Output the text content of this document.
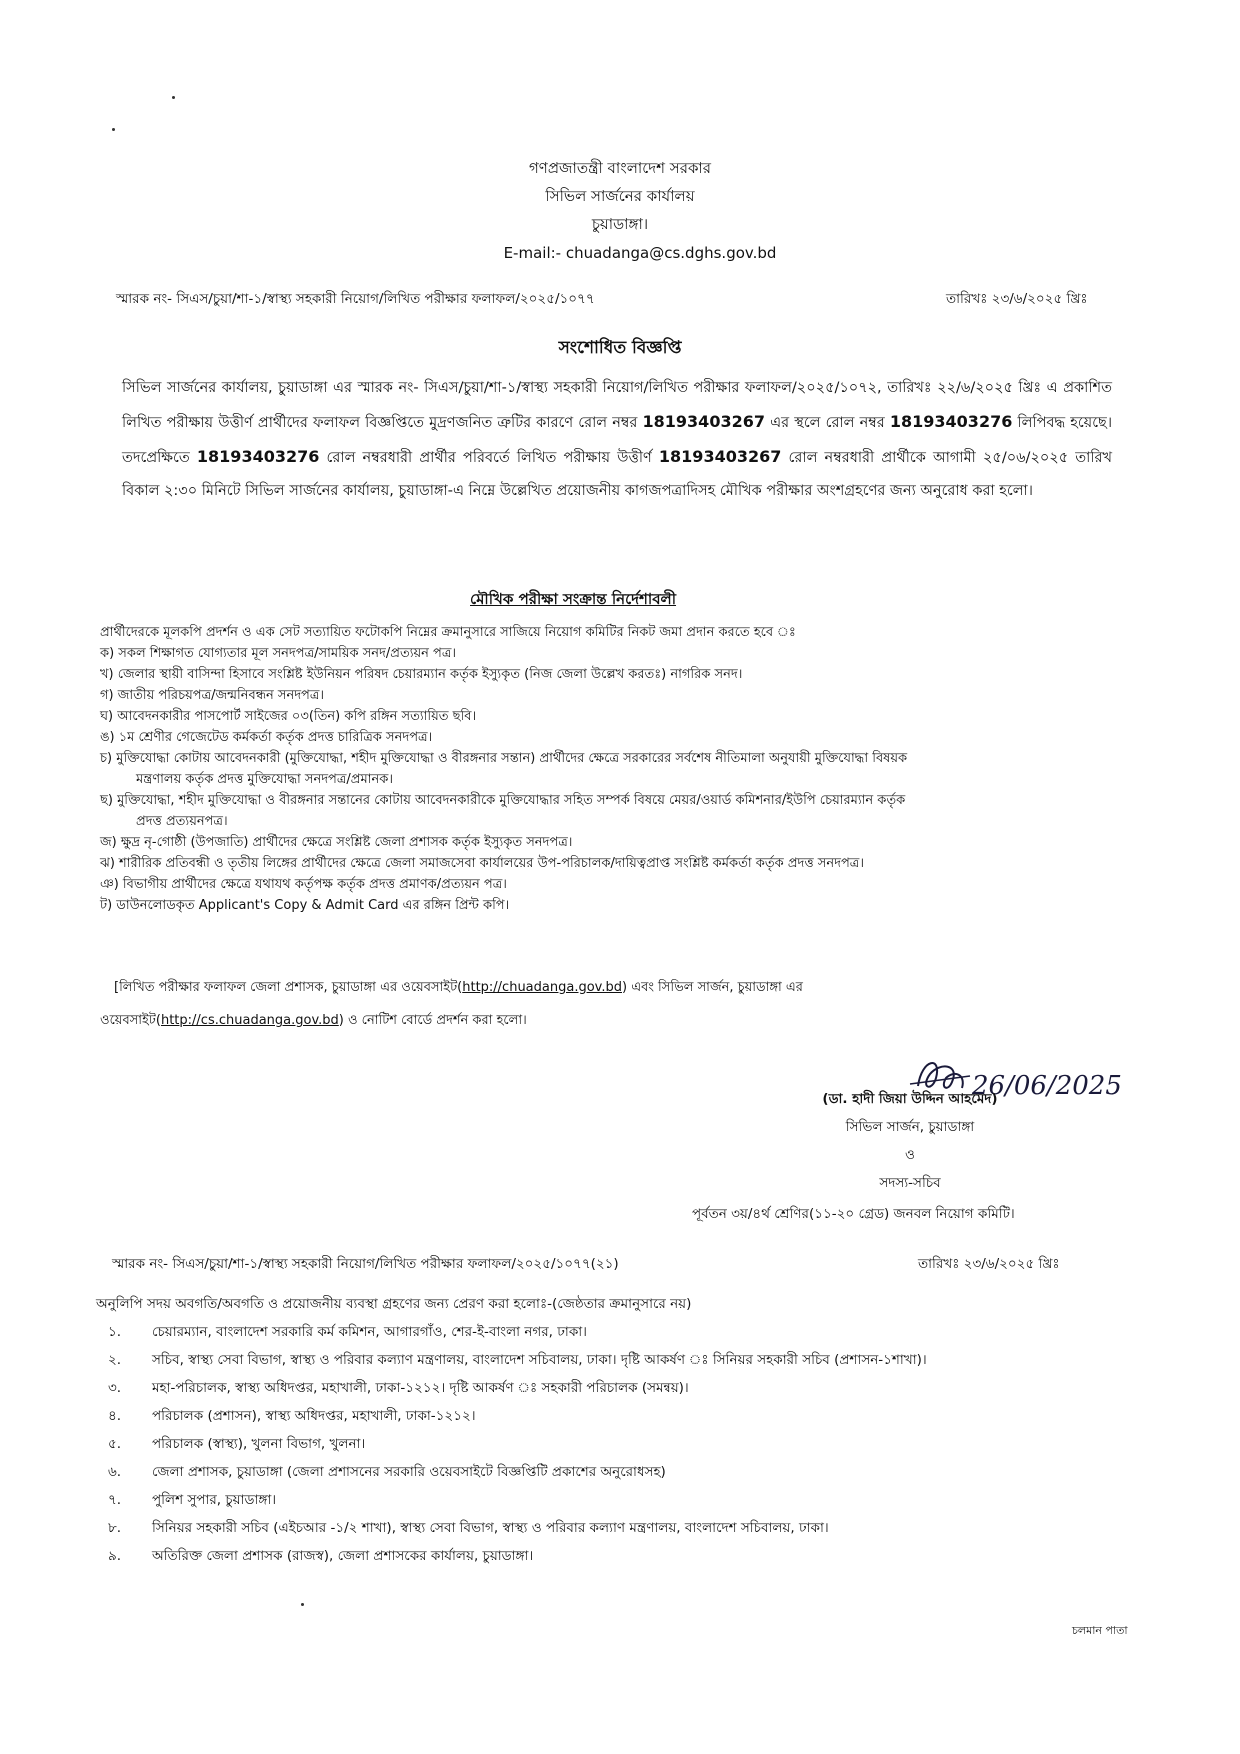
গণপ্রজাতন্ত্রী বাংলাদেশ সরকার
সিভিল সার্জনের কার্যালয়
চুয়াডাঙ্গা।
E-mail:- chuadanga@cs.dghs.gov.bd
স্মারক নং- সিএস/চুয়া/শা-১/স্বাস্থ্য সহকারী নিয়োগ/লিখিত পরীক্ষার ফলাফল/২০২৫/১০৭৭	তারিখঃ ২৩/৬/২০২৫ খ্রিঃ
সংশোধিত বিজ্ঞপ্তি
সিভিল সার্জনের কার্যালয়, চুয়াডাঙ্গা এর স্মারক নং- সিএস/চুয়া/শা-১/স্বাস্থ্য সহকারী নিয়োগ/লিখিত পরীক্ষার ফলাফল/২০২৫/১০৭২, তারিখঃ ২২/৬/২০২৫ খ্রিঃ এ প্রকাশিত লিখিত পরীক্ষায় উত্তীর্ণ প্রার্থীদের ফলাফল বিজ্ঞপ্তিতে মুদ্রণজনিত ত্রুটির কারণে রোল নম্বর 18193403267 এর স্থলে রোল নম্বর 18193403276 লিপিবদ্ধ হয়েছে। তদপ্রেক্ষিতে 18193403276 রোল নম্বরধারী প্রার্থীর পরিবর্তে লিখিত পরীক্ষায় উত্তীর্ণ 18193403267 রোল নম্বরধারী প্রার্থীকে আগামী ২৫/০৬/২০২৫ তারিখ বিকাল ২:৩০ মিনিটে সিভিল সার্জনের কার্যালয়, চুয়াডাঙ্গা-এ নিম্নে উল্লেখিত প্রয়োজনীয় কাগজপত্রাদিসহ মৌখিক পরীক্ষার অংশগ্রহণের জন্য অনুরোধ করা হলো।
মৌখিক পরীক্ষা সংক্রান্ত নির্দেশাবলী
প্রার্থীদেরকে মূলকপি প্রদর্শন ও এক সেট সত্যায়িত ফটোকপি নিম্নের ক্রমানুসারে সাজিয়ে নিয়োগ কমিটির নিকট জমা প্রদান করতে হবে ঃ
ক) সকল শিক্ষাগত যোগ্যতার মূল সনদপত্র/সাময়িক সনদ/প্রত্যয়ন পত্র।
খ) জেলার স্থায়ী বাসিন্দা হিসাবে সংশ্লিষ্ট ইউনিয়ন পরিষদ চেয়ারম্যান কর্তৃক ইস্যুকৃত (নিজ জেলা উল্লেখ করতঃ) নাগরিক সনদ।
গ) জাতীয় পরিচয়পত্র/জন্মনিবন্ধন সনদপত্র।
ঘ) আবেদনকারীর পাসপোর্ট সাইজের ০৩(তিন) কপি রঙ্গিন সত্যায়িত ছবি।
ঙ) ১ম শ্রেণীর গেজেটেড কর্মকর্তা কর্তৃক প্রদত্ত চারিত্রিক সনদপত্র।
চ) মুক্তিযোদ্ধা কোটায় আবেদনকারী (মুক্তিযোদ্ধা, শহীদ মুক্তিযোদ্ধা ও বীরঙ্গনার সন্তান) প্রার্থীদের ক্ষেত্রে সরকারের সর্বশেষ নীতিমালা অনুযায়ী মুক্তিযোদ্ধা বিষয়ক
মন্ত্রণালয় কর্তৃক প্রদত্ত মুক্তিযোদ্ধা সনদপত্র/প্রমানক।
ছ) মুক্তিযোদ্ধা, শহীদ মুক্তিযোদ্ধা ও বীরঙ্গনার সন্তানের কোটায় আবেদনকারীকে মুক্তিযোদ্ধার সহিত সম্পর্ক বিষয়ে মেয়র/ওয়ার্ড কমিশনার/ইউপি চেয়ারম্যান কর্তৃক
প্রদত্ত প্রত্যয়নপত্র।
জ) ক্ষুদ্র নৃ-গোষ্ঠী (উপজাতি) প্রার্থীদের ক্ষেত্রে সংশ্লিষ্ট জেলা প্রশাসক কর্তৃক ইস্যুকৃত সনদপত্র।
ঝ) শারীরিক প্রতিবন্ধী ও তৃতীয় লিঙ্গের প্রার্থীদের ক্ষেত্রে জেলা সমাজসেবা কার্যালয়ের উপ-পরিচালক/দায়িত্বপ্রাপ্ত সংশ্লিষ্ট কর্মকর্তা কর্তৃক প্রদত্ত সনদপত্র।
ঞ) বিভাগীয় প্রার্থীদের ক্ষেত্রে যথাযথ কর্তৃপক্ষ কর্তৃক প্রদত্ত প্রমাণক/প্রত্যয়ন পত্র।
ট) ডাউনলোডকৃত Applicant's Copy & Admit Card এর রঙ্গিন প্রিন্ট কপি।
[লিখিত পরীক্ষার ফলাফল জেলা প্রশাসক, চুয়াডাঙ্গা এর ওয়েবসাইট(http://chuadanga.gov.bd) এবং সিভিল সার্জন, চুয়াডাঙ্গা এর
ওয়েবসাইট(http://cs.chuadanga.gov.bd) ও নোটিশ বোর্ডে প্রদর্শন করা হলো।
26/06/2025
(ডা. হাদী জিয়া উদ্দিন আহমেদ)
সিভিল সার্জন, চুয়াডাঙ্গা
ও
সদস্য-সচিব
পূর্বতন ৩য়/৪র্থ শ্রেণির(১১-২০ গ্রেড) জনবল নিয়োগ কমিটি।
স্মারক নং- সিএস/চুয়া/শা-১/স্বাস্থ্য সহকারী নিয়োগ/লিখিত পরীক্ষার ফলাফল/২০২৫/১০৭৭(২১)	তারিখঃ ২৩/৬/২০২৫ খ্রিঃ
অনুলিপি সদয় অবগতি/অবগতি ও প্রয়োজনীয় ব্যবস্থা গ্রহণের জন্য প্রেরণ করা হলোঃ-(জেষ্ঠতার ক্রমানুসারে নয়)
১. চেয়ারম্যান, বাংলাদেশ সরকারি কর্ম কমিশন, আগারগাঁও, শের-ই-বাংলা নগর, ঢাকা।
২. সচিব, স্বাস্থ্য সেবা বিভাগ, স্বাস্থ্য ও পরিবার কল্যাণ মন্ত্রণালয়, বাংলাদেশ সচিবালয়, ঢাকা। দৃষ্টি আকর্ষণ ঃ সিনিয়র সহকারী সচিব (প্রশাসন-১শাখা)।
৩. মহা-পরিচালক, স্বাস্থ্য অধিদপ্তর, মহাখালী, ঢাকা-১২১২। দৃষ্টি আকর্ষণ ঃ সহকারী পরিচালক (সমন্বয়)।
৪. পরিচালক (প্রশাসন), স্বাস্থ্য অধিদপ্তর, মহাখালী, ঢাকা-১২১২।
৫. পরিচালক (স্বাস্থ্য), খুলনা বিভাগ, খুলনা।
৬. জেলা প্রশাসক, চুয়াডাঙ্গা (জেলা প্রশাসনের সরকারি ওয়েবসাইটে বিজ্ঞপ্তিটি প্রকাশের অনুরোধসহ)
৭. পুলিশ সুপার, চুয়াডাঙ্গা।
৮. সিনিয়র সহকারী সচিব (এইচআর -১/২ শাখা), স্বাস্থ্য সেবা বিভাগ, স্বাস্থ্য ও পরিবার কল্যাণ মন্ত্রণালয়, বাংলাদেশ সচিবালয়, ঢাকা।
৯. অতিরিক্ত জেলা প্রশাসক (রাজস্ব), জেলা প্রশাসকের কার্যালয়, চুয়াডাঙ্গা।
চলমান পাতা
